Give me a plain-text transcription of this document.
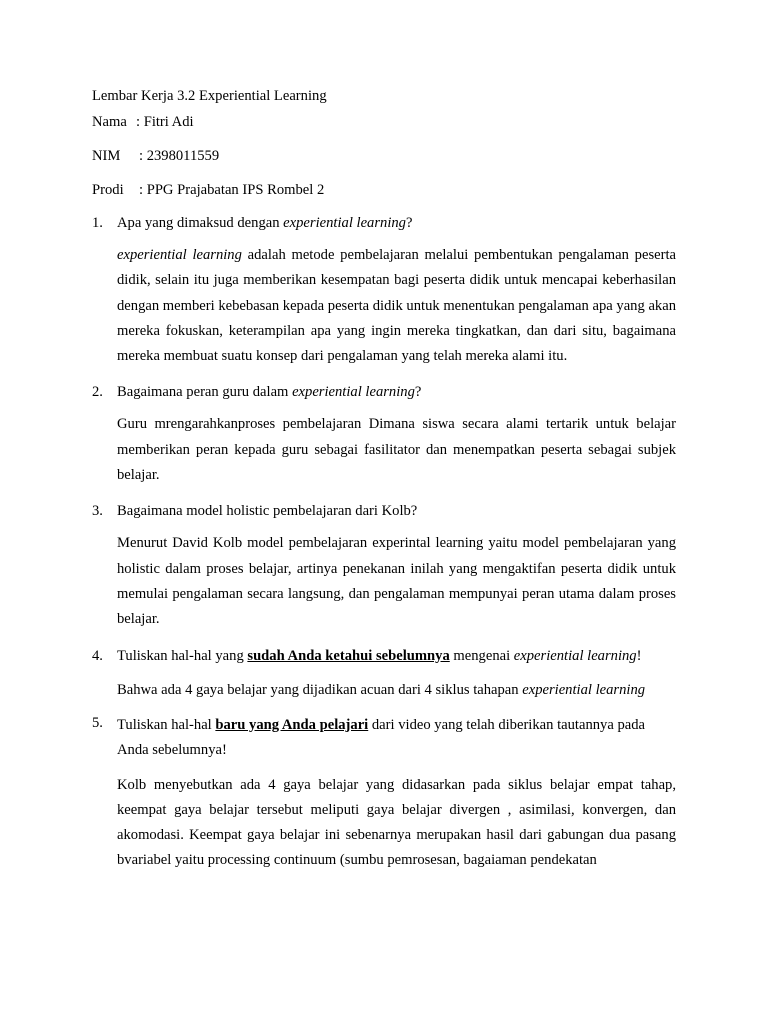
Lembar Kerja 3.2 Experiential Learning
Nama : Fitri Adi
NIM : 2398011559
Prodi : PPG Prajabatan IPS Rombel 2
1. Apa yang dimaksud dengan experiential learning?
experiential learning adalah metode pembelajaran melalui pembentukan pengalaman peserta didik, selain itu juga memberikan kesempatan bagi peserta didik untuk mencapai keberhasilan dengan memberi kebebasan kepada peserta didik untuk menentukan pengalaman apa yang akan mereka fokuskan, keterampilan apa yang ingin mereka tingkatkan, dan dari situ, bagaimana mereka membuat suatu konsep dari pengalaman yang telah mereka alami itu.
2. Bagaimana peran guru dalam experiential learning?
Guru mrengarahkanproses pembelajaran Dimana siswa secara alami tertarik untuk belajar memberikan peran kepada guru sebagai fasilitator dan menempatkan peserta sebagai subjek belajar.
3. Bagaimana model holistic pembelajaran dari Kolb?
Menurut David Kolb model pembelajaran experintal learning yaitu model pembelajaran yang holistic dalam proses belajar, artinya penekanan inilah yang mengaktifan peserta didik untuk memulai pengalaman secara langsung, dan pengalaman mempunyai peran utama dalam proses belajar.
4. Tuliskan hal-hal yang sudah Anda ketahui sebelumnya mengenai experiential learning!
Bahwa ada 4 gaya belajar yang dijadikan acuan dari 4 siklus tahapan experiential learning
5. Tuliskan hal-hal baru yang Anda pelajari dari video yang telah diberikan tautannya pada Anda sebelumnya!
Kolb menyebutkan ada 4 gaya belajar yang didasarkan pada siklus belajar empat tahap, keempat gaya belajar tersebut meliputi gaya belajar divergen , asimilasi, konvergen, dan akomodasi. Keempat gaya belajar ini sebenarnya merupakan hasil dari gabungan dua pasang bvariabel yaitu processing continuum (sumbu pemrosesan, bagaiaman pendekatan
